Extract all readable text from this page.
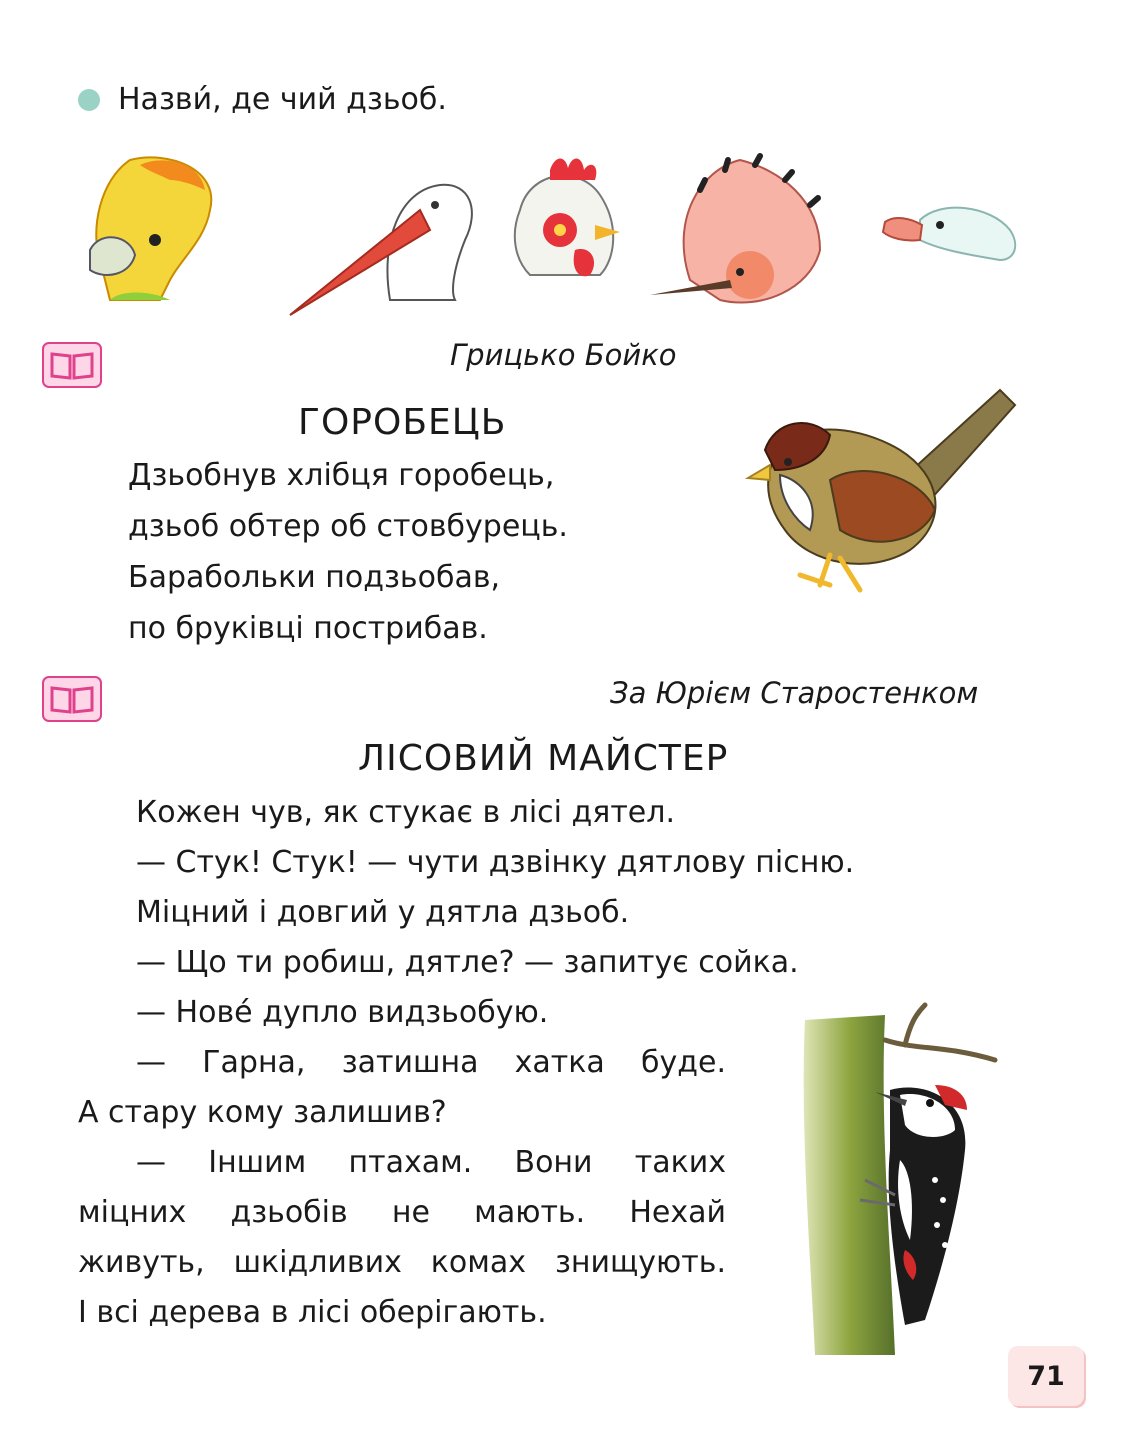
Назви́, де чий дзьоб.
Грицько Бойко
ГОРОБЕЦЬ
Дзьобнув хлібця горобець,
дзьоб обтер об стовбурець.
Барабольки подзьобав,
по бруківці пострибав.
За Юрієм Старостенком
ЛІСОВИЙ МАЙСТЕР

Кожен чув, як стукає в лісі дятел.

— Стук! Стук! — чути дзвінку дятлову пісню.

Міцний і довгий у дятла дзьоб.

— Що ти робиш, дятле? — запитує сойка.

— Нове́ дупло видзьобую.

— Гарна, затишна хатка буде.

А стару кому залишив?

— Іншим птахам. Вони таких

міцних дзьобів не мають. Нехай

живуть, шкідливих комах знищують.

І всі дерева в лісі оберігають.

71
